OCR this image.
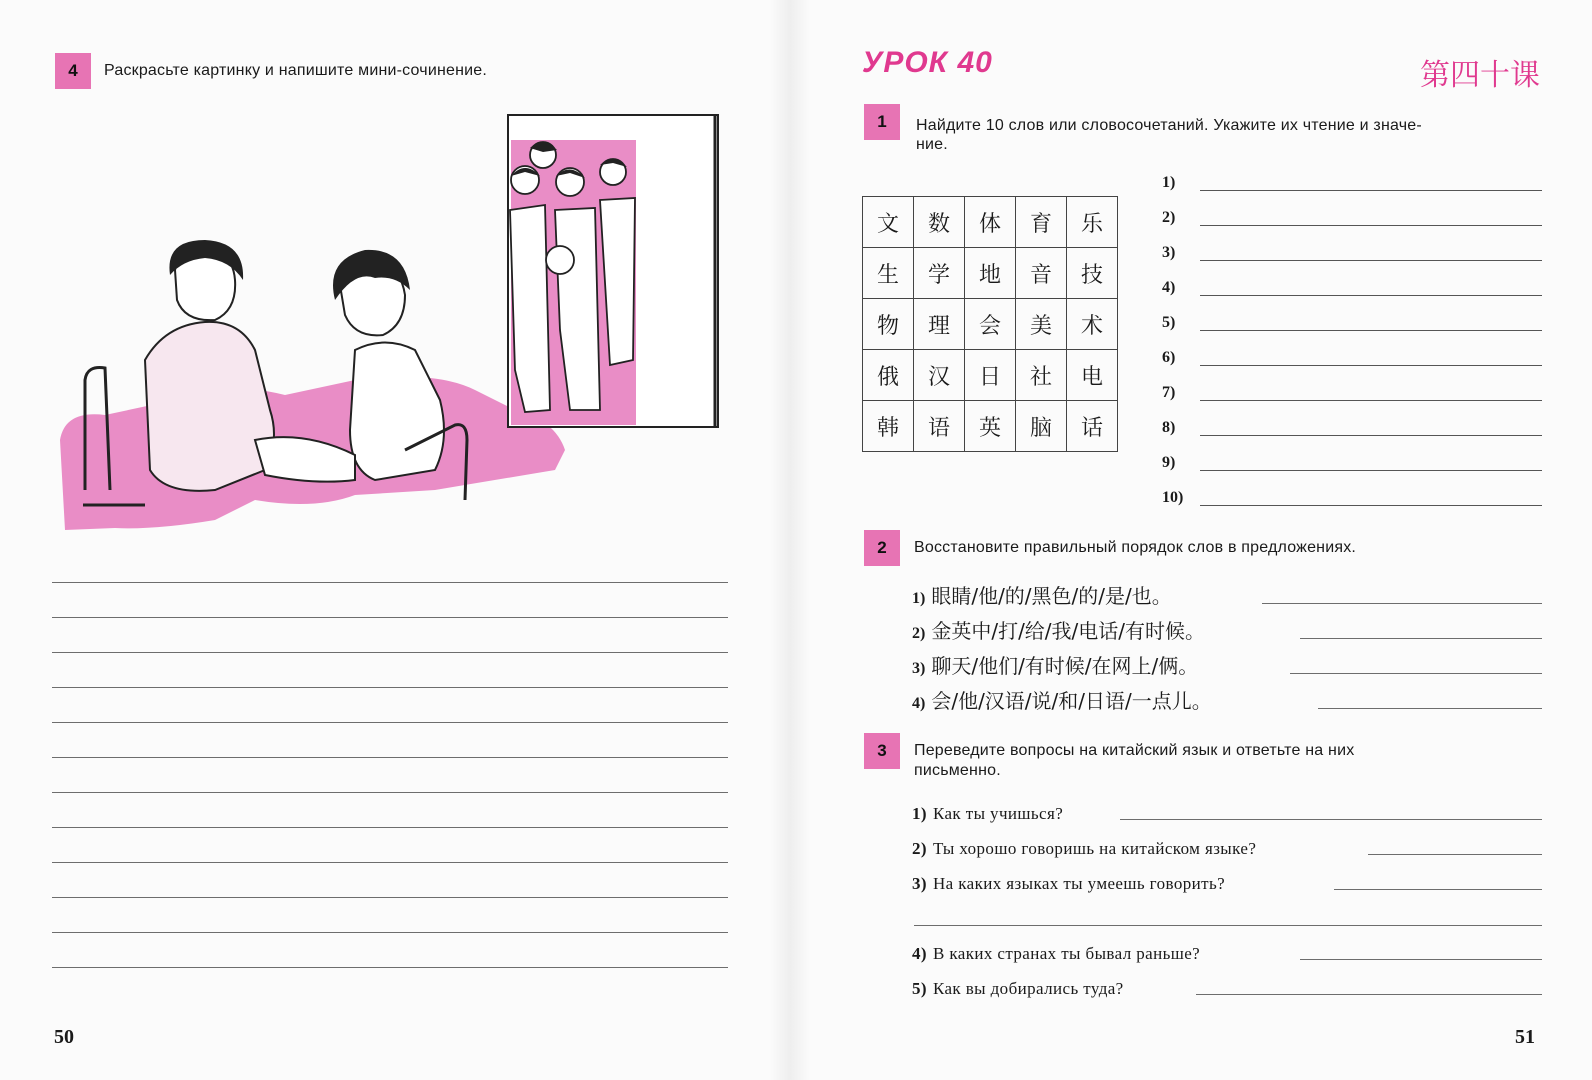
4	Раскрасьте картинку и напишите мини-сочинение.
50
УРОК 40	第四十课
1	Найдите 10 слов или словосочетаний. Укажите их чтение и значе-
ние.
文	数	体	育	乐
生	学	地	音	技
物	理	会	美	术
俄	汉	日	社	电
韩	语	英	脑	话
1)
2)
3)
4)
5)
6)
7)
8)
9)
10)
2	Восстановите правильный порядок слов в предложениях.
1) 眼睛/他/的/黑色/的/是/也。
2) 金英中/打/给/我/电话/有时候。
3) 聊天/他们/有时候/在网上/俩。
4) 会/他/汉语/说/和/日语/一点儿。
3	Переведите вопросы на китайский язык и ответьте на них
письменно.
1) Как ты учишься?
2) Ты хорошо говоришь на китайском языке?
3) На каких языках ты умеешь говорить?
4) В каких странах ты бывал раньше?
5) Как вы добирались туда?
51
